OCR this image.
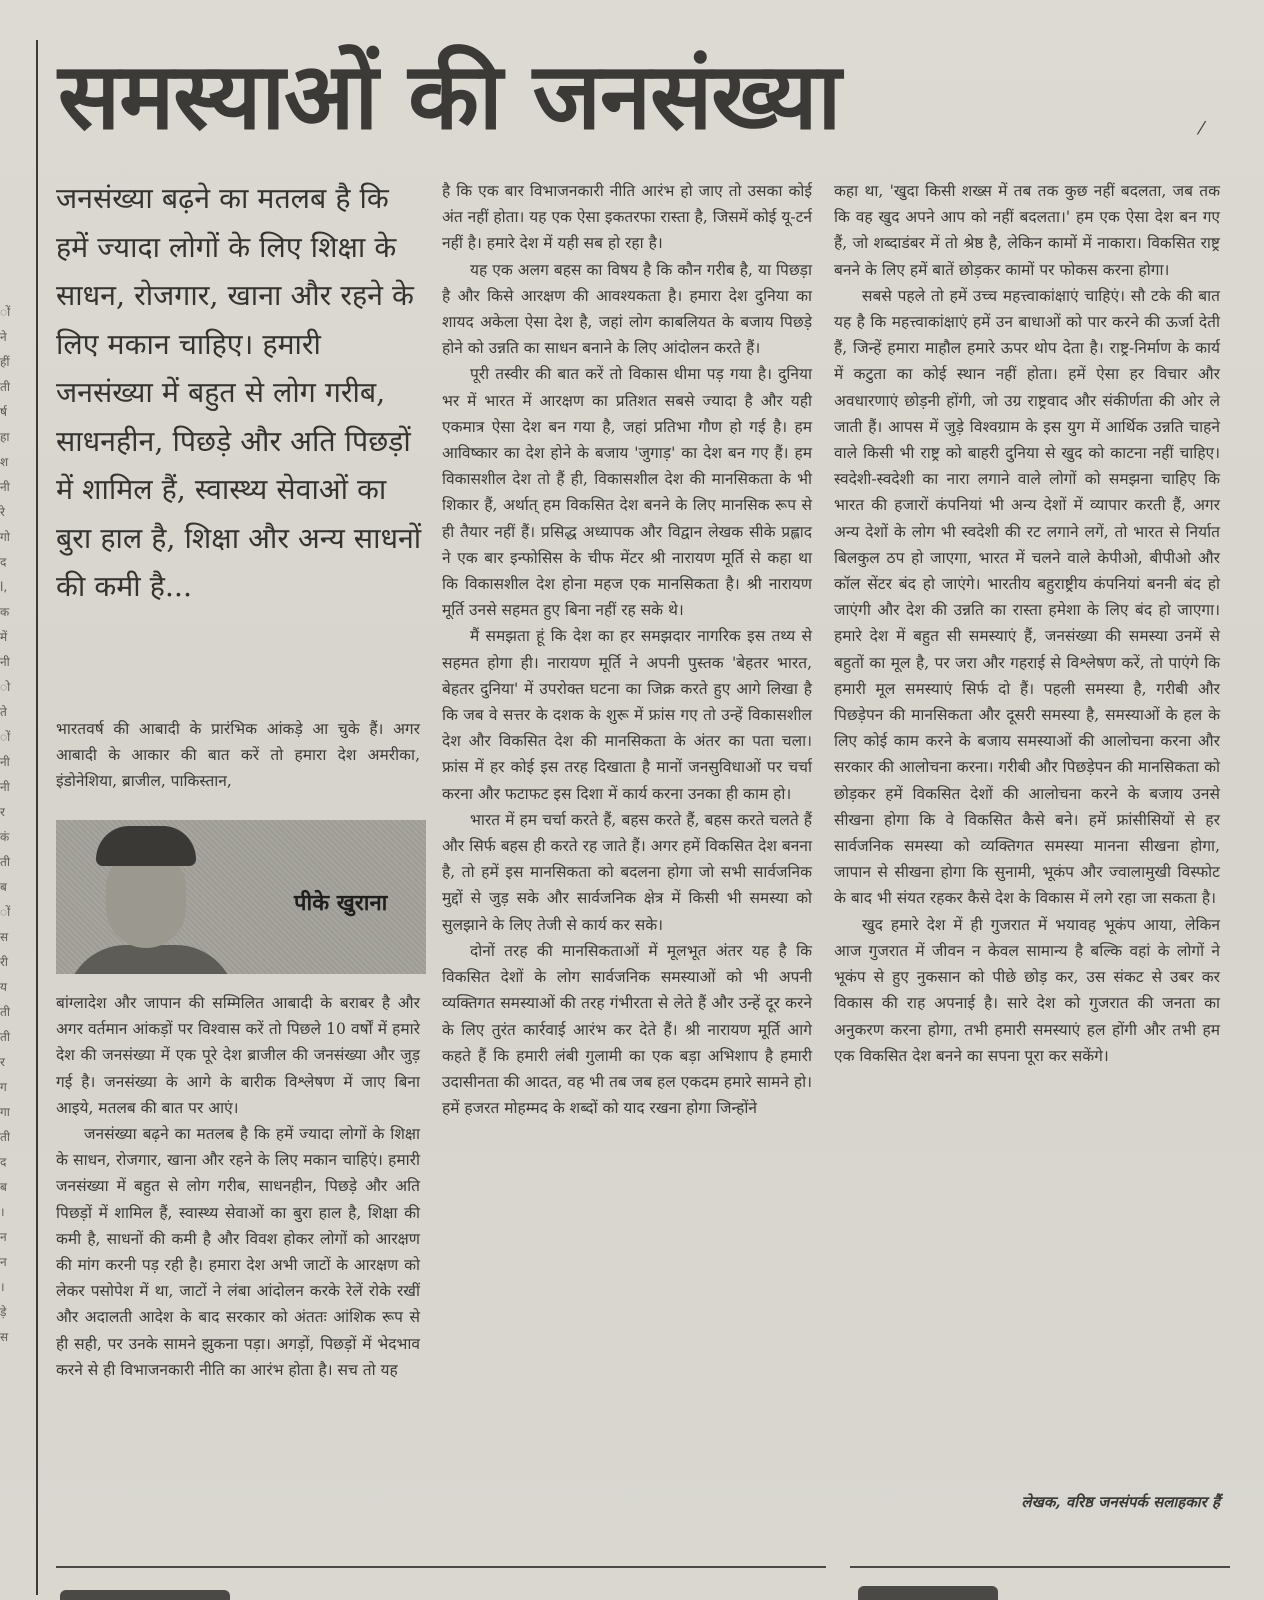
ों
ने
हीं
ती
र्ष
हा
श
नी
रे
गो
द
l,
क
में
नी
ो
ते
ों
नी
नी
र
कं
ती
ब
ों
स
री
य
ती
ती
र
ग
गा
ती
द
ब
।
न
न
।
ड़े
स
समस्याओं की जनसंख्या	⁄
जनसंख्या बढ़ने का मतलब है कि हमें ज्यादा लोगों के लिए शिक्षा के साधन, रोजगार, खाना और रहने के लिए मकान चाहिए। हमारी जनसंख्या में बहुत से लोग गरीब, साधनहीन, पिछड़े और अति पिछड़ों में शामिल हैं, स्वास्थ्य सेवाओं का बुरा हाल है, शिक्षा और अन्य साधनों की कमी है...

भारतवर्ष की आबादी के प्रारंभिक आंकड़े आ चुके हैं। अगर आबादी के आकार की बात करें तो हमारा देश अमरीका, इंडोनेशिया, ब्राजील, पाकिस्तान,

पीके खुराना

बांग्लादेश और जापान की सम्मिलित आबादी के बराबर है और अगर वर्तमान आंकड़ों पर विश्वास करें तो पिछले 10 वर्षों में हमारे देश की जनसंख्या में एक पूरे देश ब्राजील की जनसंख्या और जुड़ गई है। जनसंख्या के आगे के बारीक विश्लेषण में जाए बिना आइये, मतलब की बात पर आएं।

जनसंख्या बढ़ने का मतलब है कि हमें ज्यादा लोगों के शिक्षा के साधन, रोजगार, खाना और रहने के लिए मकान चाहिएं। हमारी जनसंख्या में बहुत से लोग गरीब, साधनहीन, पिछड़े और अति पिछड़ों में शामिल हैं, स्वास्थ्य सेवाओं का बुरा हाल है, शिक्षा की कमी है, साधनों की कमी है और विवश होकर लोगों को आरक्षण की मांग करनी पड़ रही है। हमारा देश अभी जाटों के आरक्षण को लेकर पसोपेश में था, जाटों ने लंबा आंदोलन करके रेलें रोके रखीं और अदालती आदेश के बाद सरकार को अंततः आंशिक रूप से ही सही, पर उनके सामने झुकना पड़ा। अगड़ों, पिछड़ों में भेदभाव करने से ही विभाजनकारी नीति का आरंभ होता है। सच तो यह

है कि एक बार विभाजनकारी नीति आरंभ हो जाए तो उसका कोई अंत नहीं होता। यह एक ऐसा इकतरफा रास्ता है, जिसमें कोई यू-टर्न नहीं है। हमारे देश में यही सब हो रहा है।

यह एक अलग बहस का विषय है कि कौन गरीब है, या पिछड़ा है और किसे आरक्षण की आवश्यकता है। हमारा देश दुनिया का शायद अकेला ऐसा देश है, जहां लोग काबलियत के बजाय पिछड़े होने को उन्नति का साधन बनाने के लिए आंदोलन करते हैं।

पूरी तस्वीर की बात करें तो विकास धीमा पड़ गया है। दुनिया भर में भारत में आरक्षण का प्रतिशत सबसे ज्यादा है और यही एकमात्र ऐसा देश बन गया है, जहां प्रतिभा गौण हो गई है। हम आविष्कार का देश होने के बजाय 'जुगाड़' का देश बन गए हैं। हम विकासशील देश तो हैं ही, विकासशील देश की मानसिकता के भी शिकार हैं, अर्थात् हम विकसित देश बनने के लिए मानसिक रूप से ही तैयार नहीं हैं। प्रसिद्ध अध्यापक और विद्वान लेखक सीके प्रह्लाद ने एक बार इन्फोसिस के चीफ मेंटर श्री नारायण मूर्ति से कहा था कि विकासशील देश होना महज एक मानसिकता है। श्री नारायण मूर्ति उनसे सहमत हुए बिना नहीं रह सके थे।

मैं समझता हूं कि देश का हर समझदार नागरिक इस तथ्य से सहमत होगा ही। नारायण मूर्ति ने अपनी पुस्तक 'बेहतर भारत, बेहतर दुनिया' में उपरोक्त घटना का जिक्र करते हुए आगे लिखा है कि जब वे सत्तर के दशक के शुरू में फ्रांस गए तो उन्हें विकासशील देश और विकसित देश की मानसिकता के अंतर का पता चला। फ्रांस में हर कोई इस तरह दिखाता है मानों जनसुविधाओं पर चर्चा करना और फटाफट इस दिशा में कार्य करना उनका ही काम हो।

भारत में हम चर्चा करते हैं, बहस करते हैं, बहस करते चलते हैं और सिर्फ बहस ही करते रह जाते हैं। अगर हमें विकसित देश बनना है, तो हमें इस मानसिकता को बदलना होगा जो सभी सार्वजनिक मुद्दों से जुड़ सके और सार्वजनिक क्षेत्र में किसी भी समस्या को सुलझाने के लिए तेजी से कार्य कर सके।

दोनों तरह की मानसिकताओं में मूलभूत अंतर यह है कि विकसित देशों के लोग सार्वजनिक समस्याओं को भी अपनी व्यक्तिगत समस्याओं की तरह गंभीरता से लेते हैं और उन्हें दूर करने के लिए तुरंत कार्रवाई आरंभ कर देते हैं। श्री नारायण मूर्ति आगे कहते हैं कि हमारी लंबी गुलामी का एक बड़ा अभिशाप है हमारी उदासीनता की आदत, वह भी तब जब हल एकदम हमारे सामने हो। हमें हजरत मोहम्मद के शब्दों को याद रखना होगा जिन्होंने

कहा था, 'खुदा किसी शख्स में तब तक कुछ नहीं बदलता, जब तक कि वह खुद अपने आप को नहीं बदलता।' हम एक ऐसा देश बन गए हैं, जो शब्दाडंबर में तो श्रेष्ठ है, लेकिन कामों में नाकारा। विकसित राष्ट्र बनने के लिए हमें बातें छोड़कर कामों पर फोकस करना होगा।

सबसे पहले तो हमें उच्च महत्त्वाकांक्षाएं चाहिएं। सौ टके की बात यह है कि महत्त्वाकांक्षाएं हमें उन बाधाओं को पार करने की ऊर्जा देती हैं, जिन्हें हमारा माहौल हमारे ऊपर थोप देता है। राष्ट्र-निर्माण के कार्य में कटुता का कोई स्थान नहीं होता। हमें ऐसा हर विचार और अवधारणाएं छोड़नी होंगी, जो उग्र राष्ट्रवाद और संकीर्णता की ओर ले जाती हैं। आपस में जुड़े विश्वग्राम के इस युग में आर्थिक उन्नति चाहने वाले किसी भी राष्ट्र को बाहरी दुनिया से खुद को काटना नहीं चाहिए। स्वदेशी-स्वदेशी का नारा लगाने वाले लोगों को समझना चाहिए कि भारत की हजारों कंपनियां भी अन्य देशों में व्यापार करती हैं, अगर अन्य देशों के लोग भी स्वदेशी की रट लगाने लगें, तो भारत से निर्यात बिलकुल ठप हो जाएगा, भारत में चलने वाले केपीओ, बीपीओ और कॉल सेंटर बंद हो जाएंगे। भारतीय बहुराष्ट्रीय कंपनियां बननी बंद हो जाएंगी और देश की उन्नति का रास्ता हमेशा के लिए बंद हो जाएगा। हमारे देश में बहुत सी समस्याएं हैं, जनसंख्या की समस्या उनमें से बहुतों का मूल है, पर जरा और गहराई से विश्लेषण करें, तो पाएंगे कि हमारी मूल समस्याएं सिर्फ दो हैं। पहली समस्या है, गरीबी और पिछड़ेपन की मानसिकता और दूसरी समस्या है, समस्याओं के हल के लिए कोई काम करने के बजाय समस्याओं की आलोचना करना और सरकार की आलोचना करना। गरीबी और पिछड़ेपन की मानसिकता को छोड़कर हमें विकसित देशों की आलोचना करने के बजाय उनसे सीखना होगा कि वे विकसित कैसे बने। हमें फ्रांसीसियों से हर सार्वजनिक समस्या को व्यक्तिगत समस्या मानना सीखना होगा, जापान से सीखना होगा कि सुनामी, भूकंप और ज्वालामुखी विस्फोट के बाद भी संयत रहकर कैसे देश के विकास में लगे रहा जा सकता है।

खुद हमारे देश में ही गुजरात में भयावह भूकंप आया, लेकिन आज गुजरात में जीवन न केवल सामान्य है बल्कि वहां के लोगों ने भूकंप से हुए नुकसान को पीछे छोड़ कर, उस संकट से उबर कर विकास की राह अपनाई है। सारे देश को गुजरात की जनता का अनुकरण करना होगा, तभी हमारी समस्याएं हल होंगी और तभी हम एक विकसित देश बनने का सपना पूरा कर सकेंगे।

लेखक, वरिष्ठ जनसंपर्क सलाहकार हैं
